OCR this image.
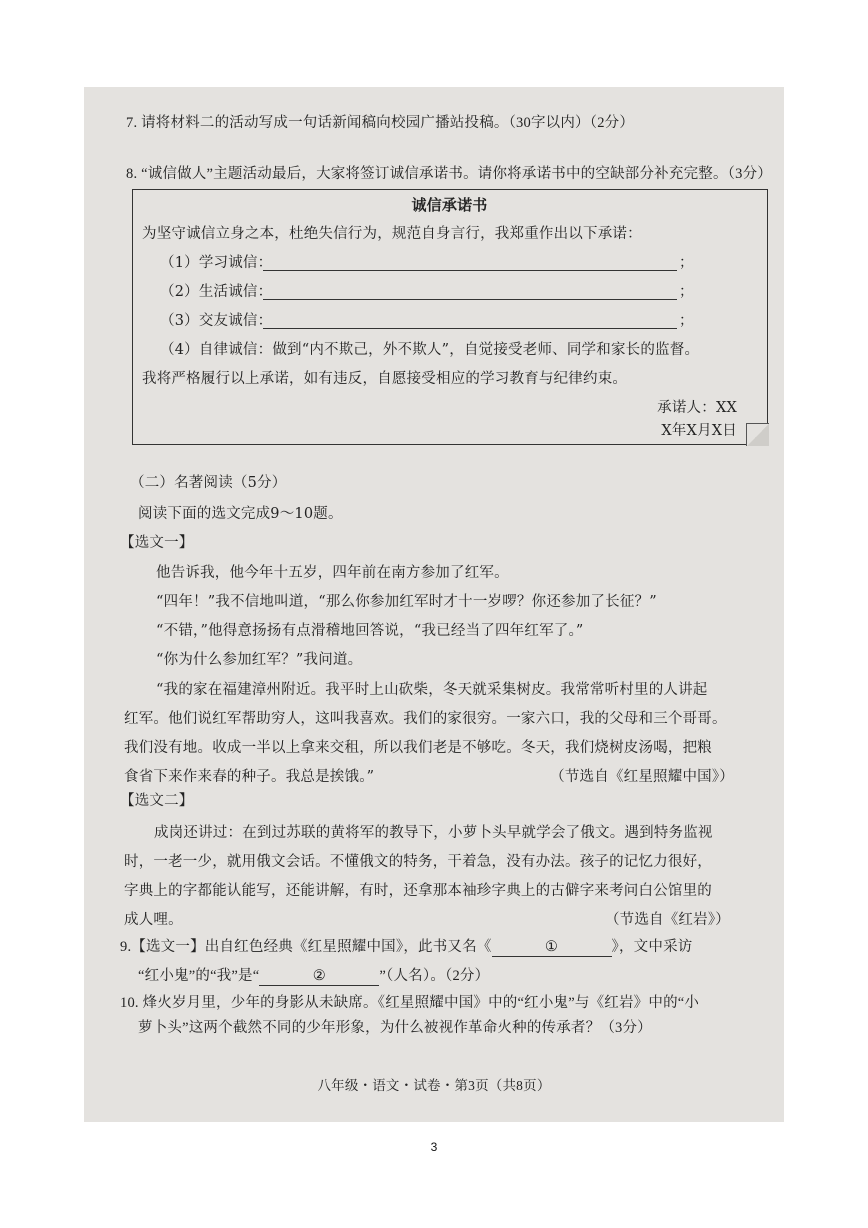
7. 请将材料二的活动写成一句话新闻稿向校园广播站投稿。（30字以内）（2分）
8. “诚信做人”主题活动最后，大家将签订诚信承诺书。请你将承诺书中的空缺部分补充完整。（3分）
诚信承诺书
为坚守诚信立身之本，杜绝失信行为，规范自身言行，我郑重作出以下承诺：
（1）学习诚信：	；
（2）生活诚信：	；
（3）交友诚信：	；
（4）自律诚信：做到“内不欺己，外不欺人”，自觉接受老师、同学和家长的监督。
我将严格履行以上承诺，如有违反，自愿接受相应的学习教育与纪律约束。
承诺人：XX
X年X月X日
（二）名著阅读（5分）
阅读下面的选文完成9～10题。
【选文一】
他告诉我，他今年十五岁，四年前在南方参加了红军。
“四年！”我不信地叫道，“那么你参加红军时才十一岁啰？你还参加了长征？”
“不错，”他得意扬扬有点滑稽地回答说，“我已经当了四年红军了。”
“你为什么参加红军？”我问道。
“我的家在福建漳州附近。我平时上山砍柴，冬天就采集树皮。我常常听村里的人讲起
红军。他们说红军帮助穷人，这叫我喜欢。我们的家很穷。一家六口，我的父母和三个哥哥。
我们没有地。收成一半以上拿来交租，所以我们老是不够吃。冬天，我们烧树皮汤喝，把粮
食省下来作来春的种子。我总是挨饿。”	（节选自《红星照耀中国》）
【选文二】
成岗还讲过：在到过苏联的黄将军的教导下，小萝卜头早就学会了俄文。遇到特务监视
时，一老一少，就用俄文会话。不懂俄文的特务，干着急，没有办法。孩子的记忆力很好，
字典上的字都能认能写，还能讲解，有时，还拿那本袖珍字典上的古僻字来考问白公馆里的
成人哩。	（节选自《红岩》）
9.【选文一】出自红色经典《红星照耀中国》，此书又名《	①	》，文中采访
“红小鬼”的“我”是“	②	”（人名）。（2分）
10. 烽火岁月里，少年的身影从未缺席。《红星照耀中国》中的“红小鬼”与《红岩》中的“小
萝卜头”这两个截然不同的少年形象，为什么被视作革命火种的传承者？（3分）
八年级・语文・试卷・第3页（共8页）
3
